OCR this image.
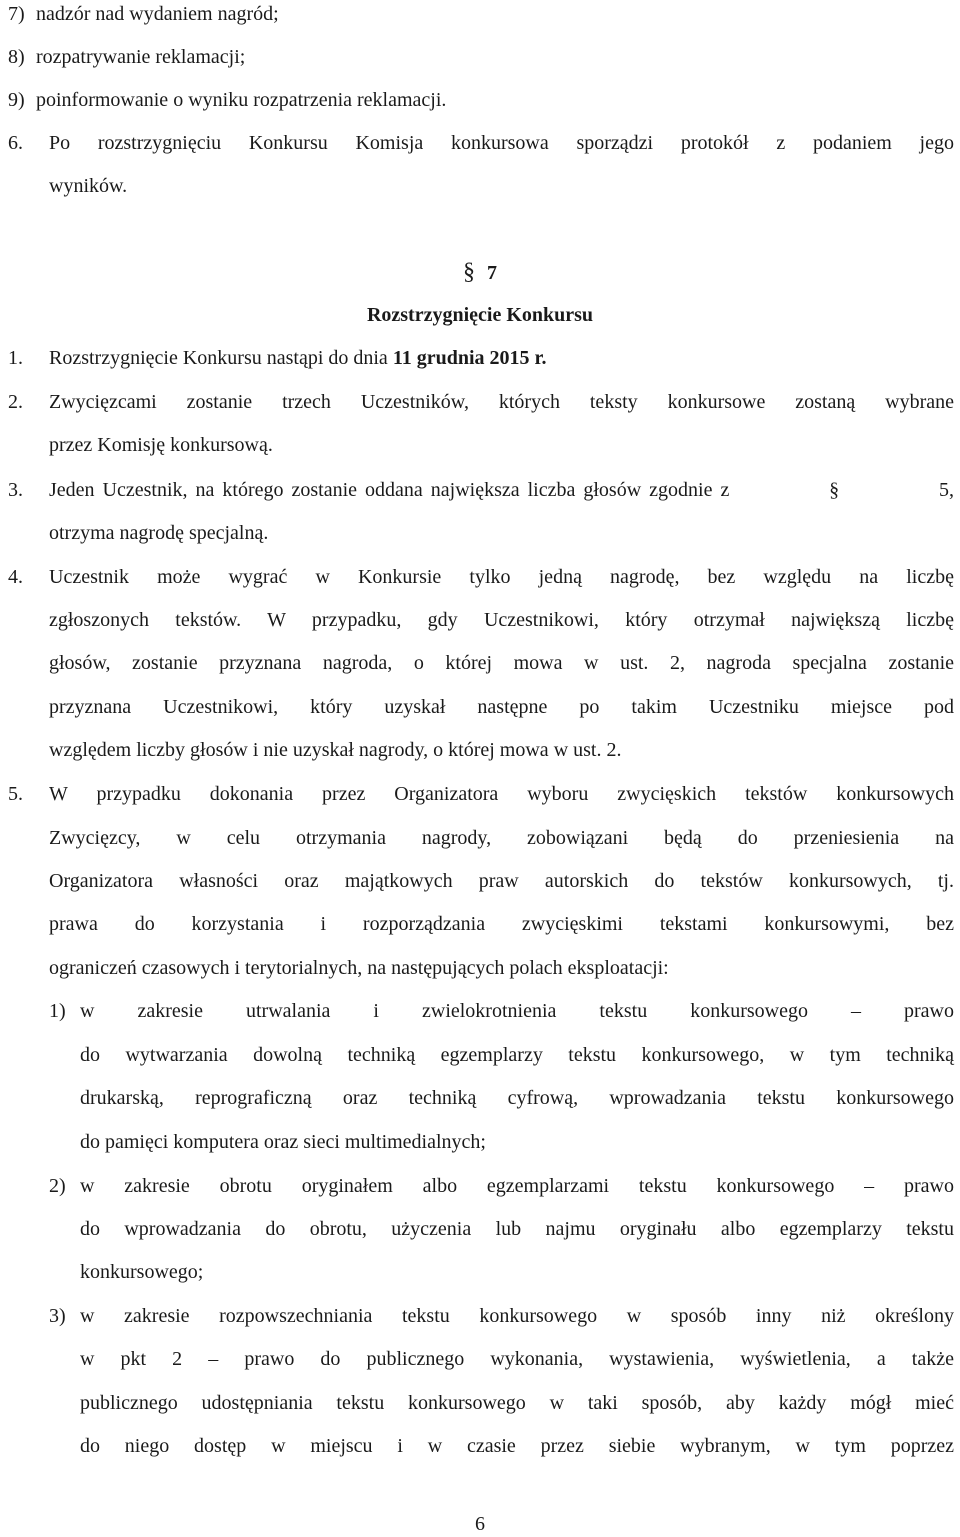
7) nadzór nad wydaniem nagród;
8) rozpatrywanie reklamacji;
9) poinformowanie o wyniku rozpatrzenia reklamacji.
6. Po rozstrzygnięciu Konkursu Komisja konkursowa sporządzi protokół z podaniem jego
wyników.
§ 7
Rozstrzygnięcie Konkursu
1. Rozstrzygnięcie Konkursu nastąpi do dnia 11 grudnia 2015 r.
2. Zwycięzcami zostanie trzech Uczestników, których teksty konkursowe zostaną wybrane
przez Komisję konkursową.
3. Jeden Uczestnik, na którego zostanie oddana największa liczba głosów zgodnie z	§	5,
otrzyma nagrodę specjalną.
4. Uczestnik może wygrać w Konkursie tylko jedną nagrodę, bez względu na liczbę
zgłoszonych tekstów. W przypadku, gdy Uczestnikowi, który otrzymał największą liczbę
głosów, zostanie przyznana nagroda, o której mowa w ust. 2, nagroda specjalna zostanie
przyznana Uczestnikowi, który uzyskał następne po takim Uczestniku miejsce pod
względem liczby głosów i nie uzyskał nagrody, o której mowa w ust. 2.
5. W przypadku dokonania przez Organizatora wyboru zwycięskich tekstów konkursowych
Zwycięzcy, w celu otrzymania nagrody, zobowiązani będą do przeniesienia na
Organizatora własności oraz majątkowych praw autorskich do tekstów konkursowych, tj.
prawa do korzystania i rozporządzania zwycięskimi tekstami konkursowymi, bez
ograniczeń czasowych i terytorialnych, na następujących polach eksploatacji:
1) w zakresie utrwalania i zwielokrotnienia tekstu konkursowego – prawo
do wytwarzania dowolną techniką egzemplarzy tekstu konkursowego, w tym techniką
drukarską, reprograficzną oraz techniką cyfrową, wprowadzania tekstu konkursowego
do pamięci komputera oraz sieci multimedialnych;
2) w zakresie obrotu oryginałem albo egzemplarzami tekstu konkursowego – prawo
do wprowadzania do obrotu, użyczenia lub najmu oryginału albo egzemplarzy tekstu
konkursowego;
3) w zakresie rozpowszechniania tekstu konkursowego w sposób inny niż określony
w pkt 2 – prawo do publicznego wykonania, wystawienia, wyświetlenia, a także
publicznego udostępniania tekstu konkursowego w taki sposób, aby każdy mógł mieć
do niego dostęp w miejscu i w czasie przez siebie wybranym, w tym poprzez
6
